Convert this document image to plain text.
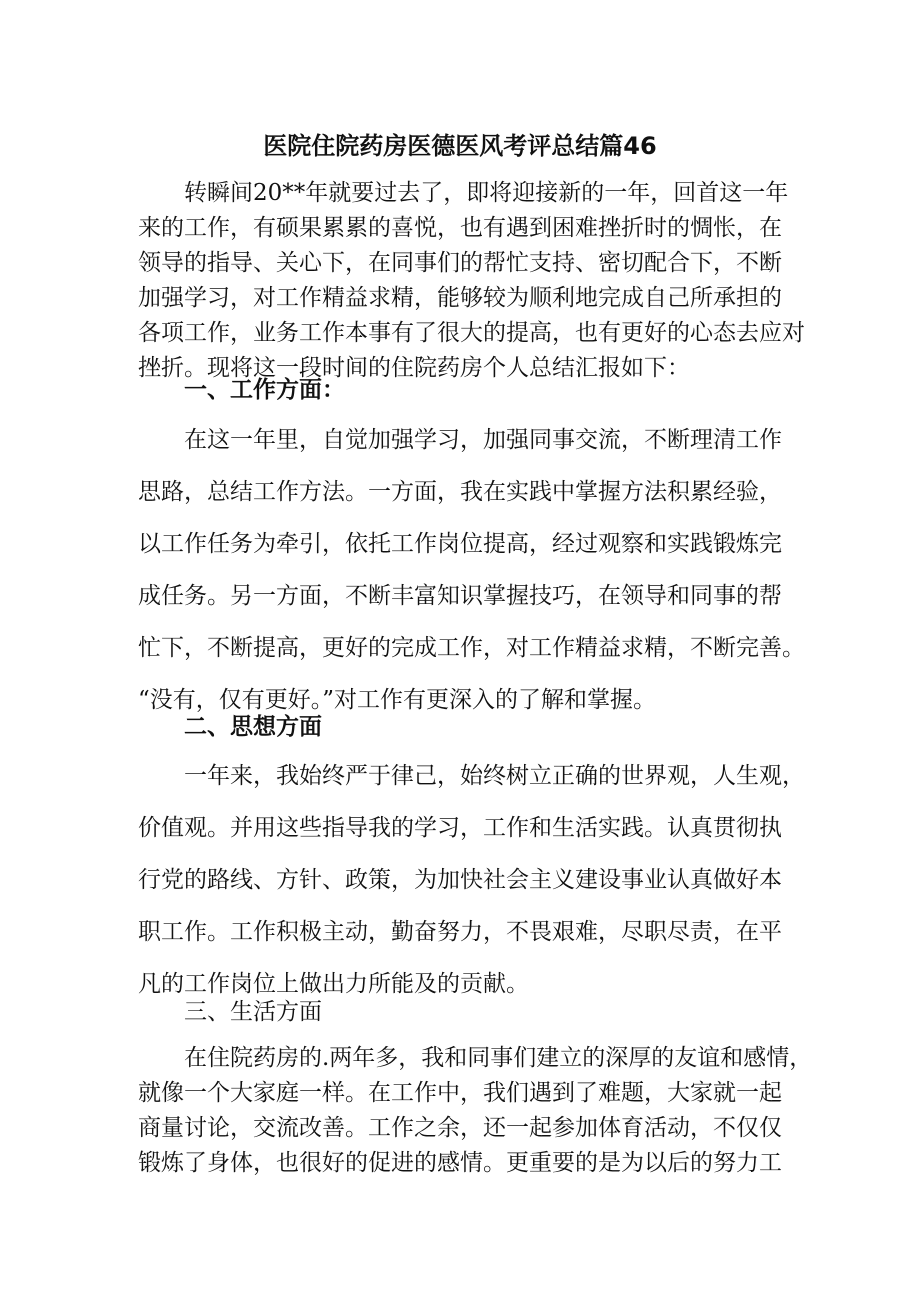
医院住院药房医德医风考评总结篇46
转瞬间20**年就要过去了，即将迎接新的一年，回首这一年
来的工作，有硕果累累的喜悦，也有遇到困难挫折时的惆怅，在
领导的指导、关心下，在同事们的帮忙支持、密切配合下，不断
加强学习，对工作精益求精，能够较为顺利地完成自己所承担的
各项工作，业务工作本事有了很大的提高，也有更好的心态去应对
挫折。现将这一段时间的住院药房个人总结汇报如下：
一、工作方面：
在这一年里，自觉加强学习，加强同事交流，不断理清工作
思路，总结工作方法。一方面，我在实践中掌握方法积累经验，
以工作任务为牵引，依托工作岗位提高，经过观察和实践锻炼完
成任务。另一方面，不断丰富知识掌握技巧，在领导和同事的帮
忙下，不断提高，更好的完成工作，对工作精益求精，不断完善。
“没有，仅有更好。”对工作有更深入的了解和掌握。
二、思想方面
一年来，我始终严于律己，始终树立正确的世界观，人生观，
价值观。并用这些指导我的学习，工作和生活实践。认真贯彻执
行党的路线、方针、政策，为加快社会主义建设事业认真做好本
职工作。工作积极主动，勤奋努力，不畏艰难，尽职尽责，在平
凡的工作岗位上做出力所能及的贡献。
三、生活方面
在住院药房的.两年多，我和同事们建立的深厚的友谊和感情，
就像一个大家庭一样。在工作中，我们遇到了难题，大家就一起
商量讨论，交流改善。工作之余，还一起参加体育活动，不仅仅
锻炼了身体，也很好的促进的感情。更重要的是为以后的努力工
